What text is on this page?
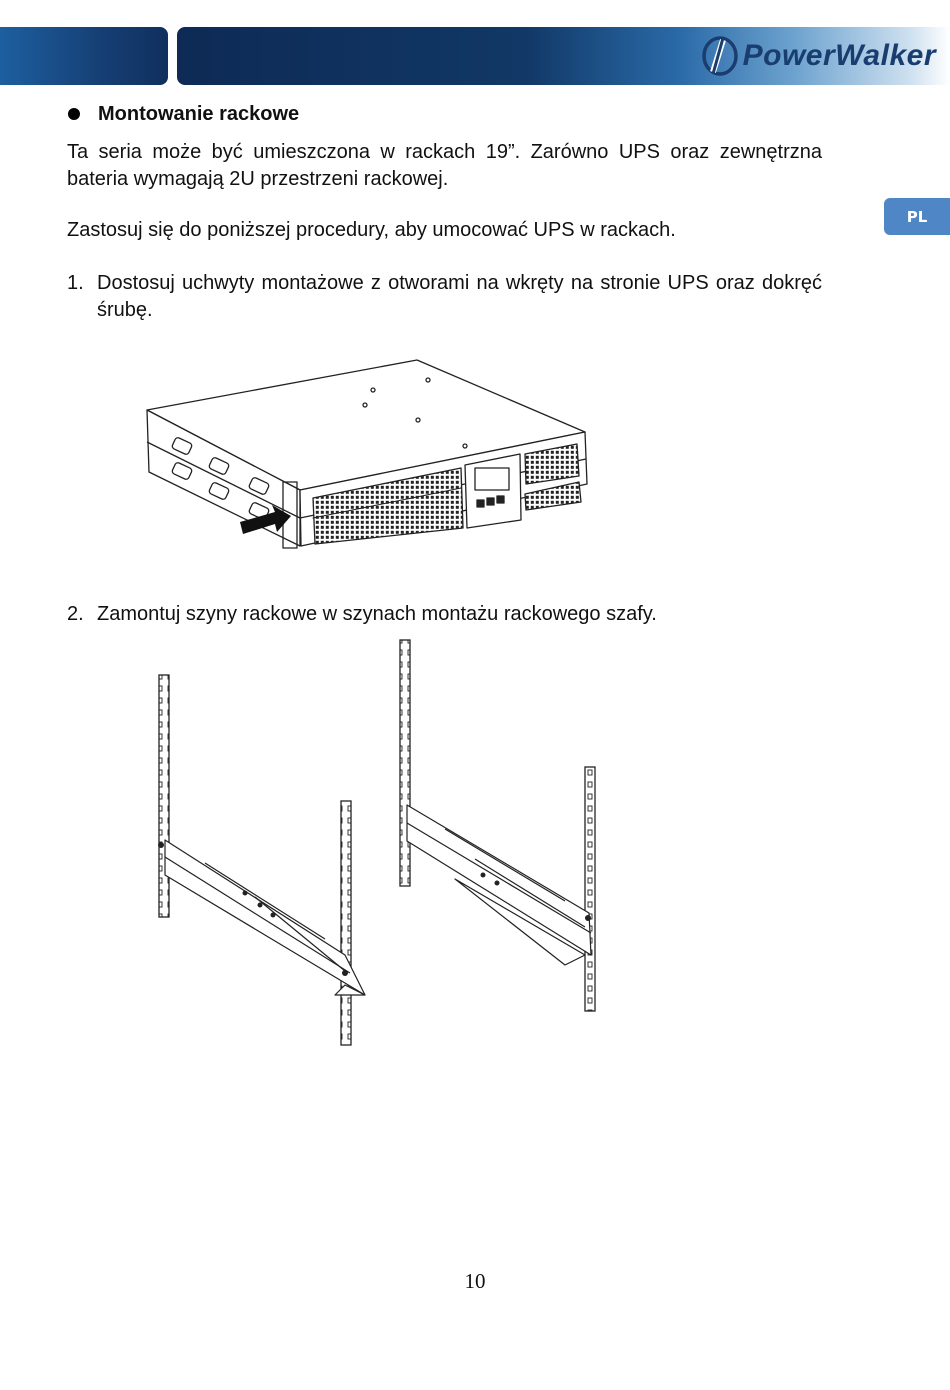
PowerWalker
PL
Montowanie rackowe
Ta seria może być umieszczona w rackach 19”. Zarówno UPS oraz zewnętrzna bateria wymagają 2U przestrzeni rackowej.
Zastosuj się do poniższej procedury, aby umocować UPS w rackach.
1. Dostosuj uchwyty montażowe z otworami na wkręty na stronie UPS oraz dokręć śrubę.
2. Zamontuj szyny rackowe w szynach montażu rackowego szafy.
10
